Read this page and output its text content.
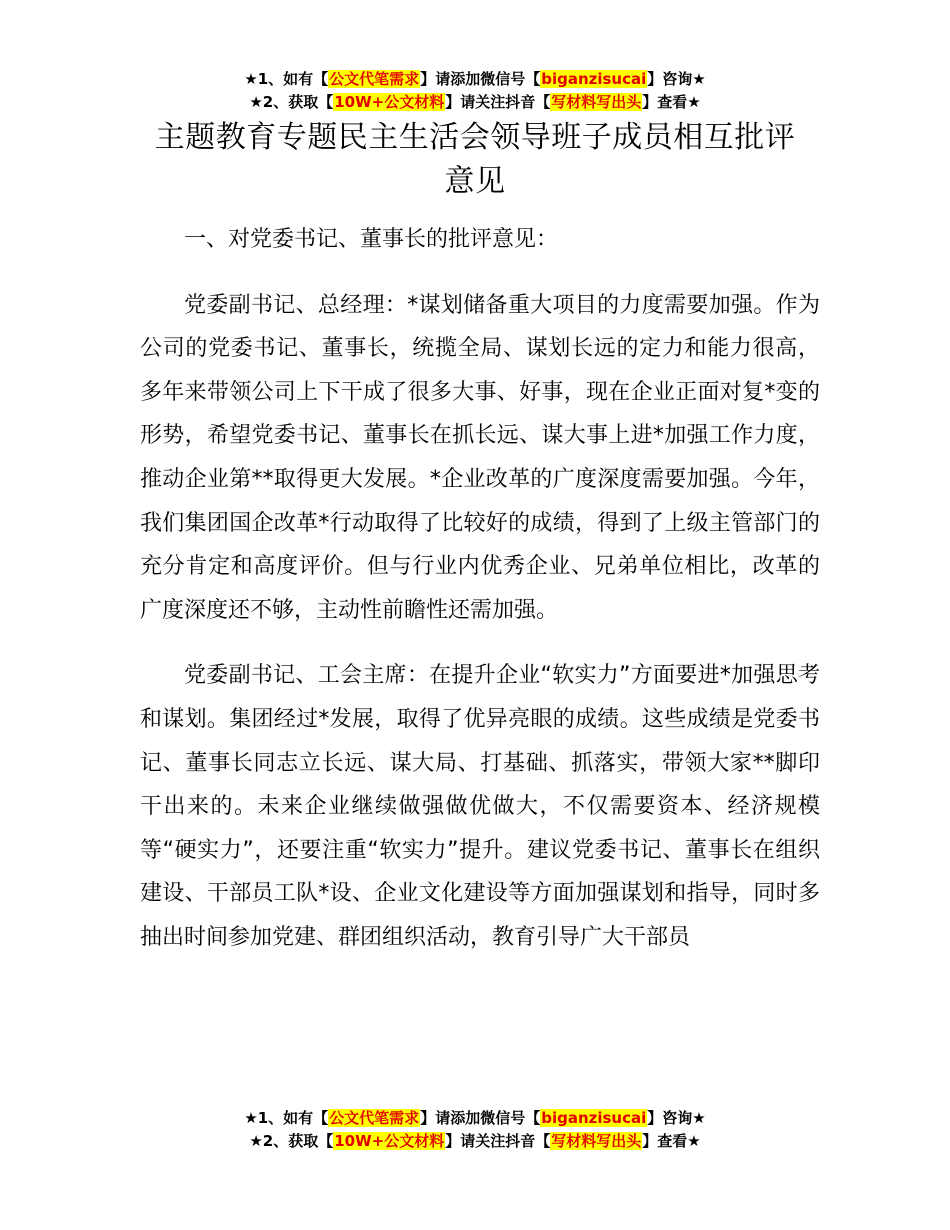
★1、如有【公文代笔需求】请添加微信号【biganzisucai】咨询★
★2、获取【10W+公文材料】请关注抖音【写材料写出头】查看★
主题教育专题民主生活会领导班子成员相互批评意见

一、对党委书记、董事长的批评意见：

党委副书记、总经理：*谋划储备重大项目的力度需要加强。作为公司的党委书记、董事长，统揽全局、谋划长远的定力和能力很高，多年来带领公司上下干成了很多大事、好事，现在企业正面对复*变的形势，希望党委书记、董事长在抓长远、谋大事上进*加强工作力度，推动企业第**取得更大发展。*企业改革的广度深度需要加强。今年，我们集团国企改革*行动取得了比较好的成绩，得到了上级主管部门的充分肯定和高度评价。但与行业内优秀企业、兄弟单位相比，改革的广度深度还不够，主动性前瞻性还需加强。

党委副书记、工会主席：在提升企业“软实力”方面要进*加强思考和谋划。集团经过*发展，取得了优异亮眼的成绩。这些成绩是党委书记、董事长同志立长远、谋大局、打基础、抓落实，带领大家**脚印干出来的。未来企业继续做强做优做大，不仅需要资本、经济规模等“硬实力”，还要注重“软实力”提升。建议党委书记、董事长在组织建设、干部员工队*设、企业文化建设等方面加强谋划和指导，同时多抽出时间参加党建、群团组织活动，教育引导广大干部员

★1、如有【公文代笔需求】请添加微信号【biganzisucai】咨询★
★2、获取【10W+公文材料】请关注抖音【写材料写出头】查看★
